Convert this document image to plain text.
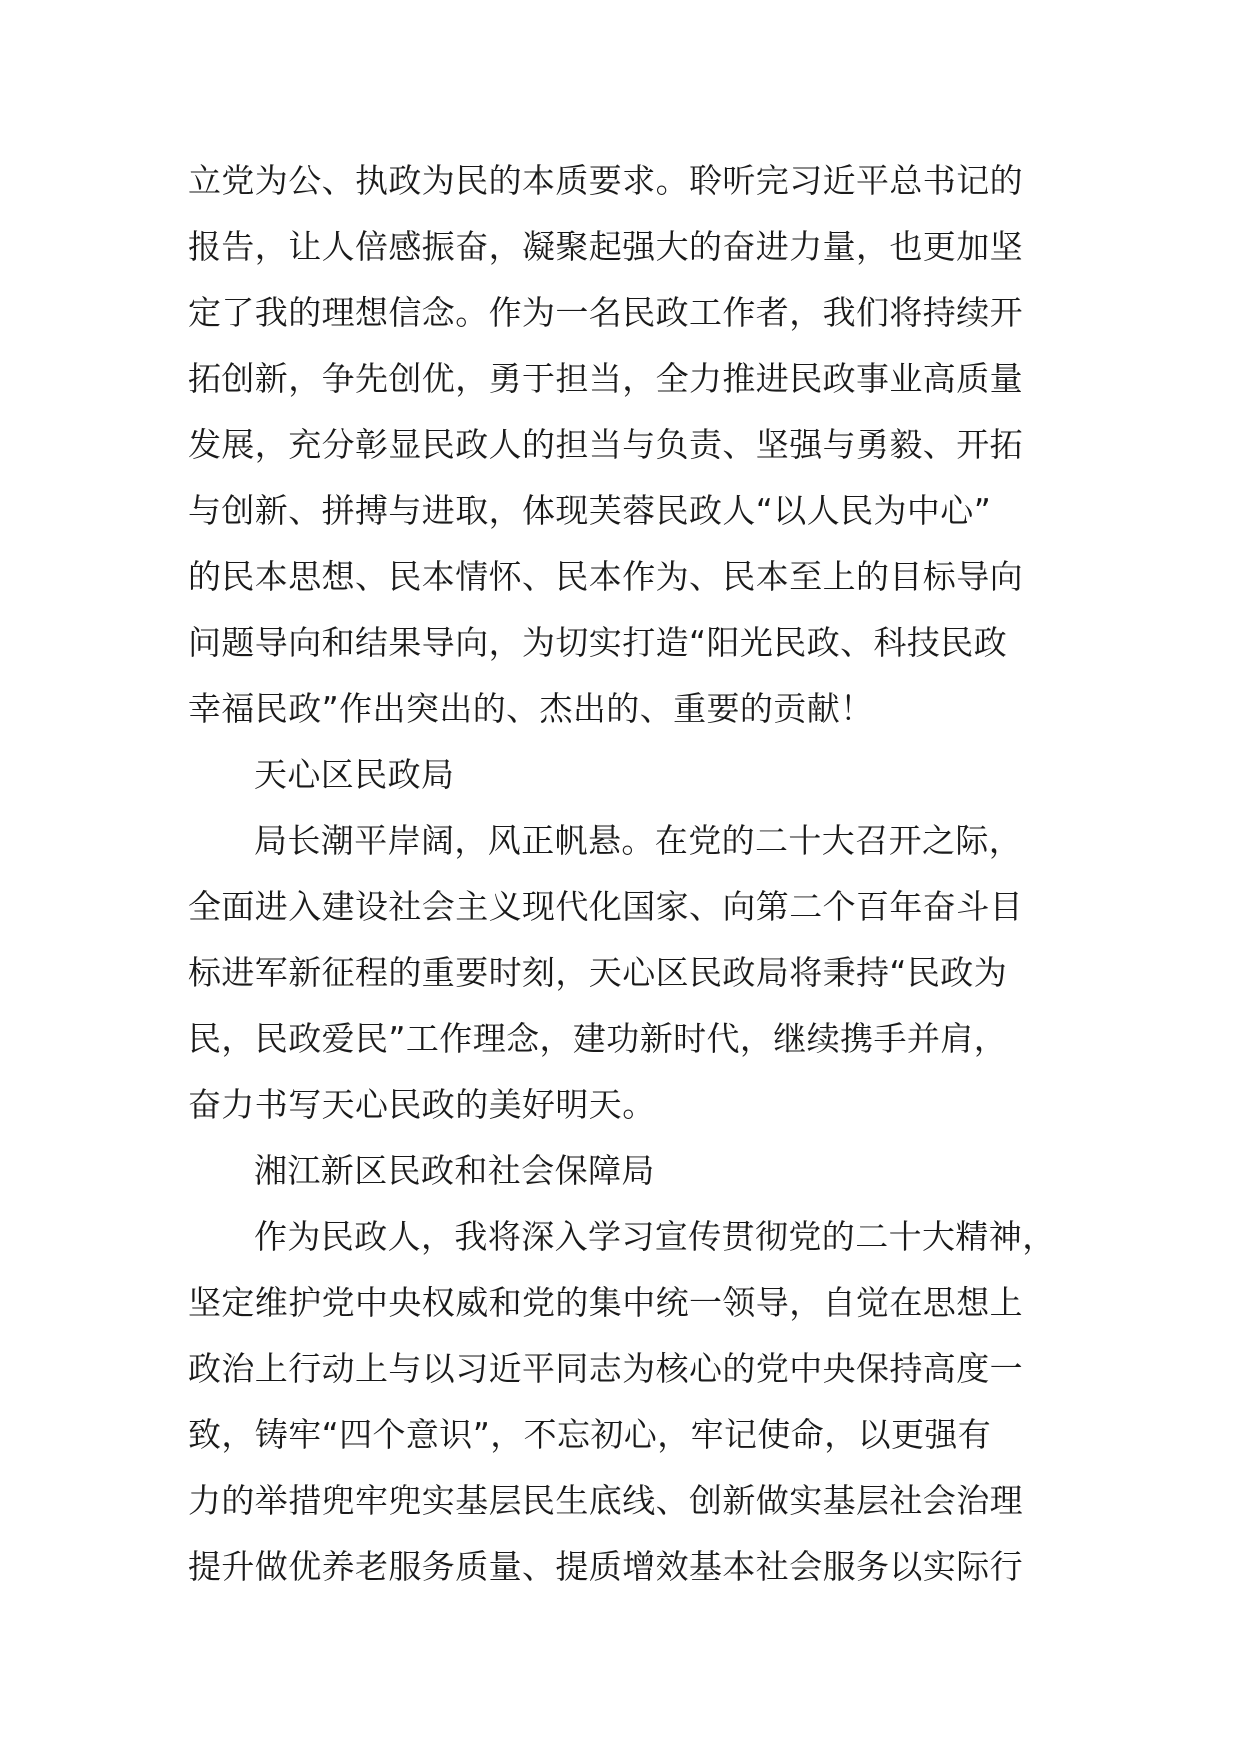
立党为公、执政为民的本质要求。聆听完习近平总书记的
报告，让人倍感振奋，凝聚起强大的奋进力量，也更加坚
定了我的理想信念。作为一名民政工作者，我们将持续开
拓创新，争先创优，勇于担当，全力推进民政事业高质量
发展，充分彰显民政人的担当与负责、坚强与勇毅、开拓
与创新、拼搏与进取，体现芙蓉民政人“以人民为中心”
的民本思想、民本情怀、民本作为、民本至上的目标导向
问题导向和结果导向，为切实打造“阳光民政、科技民政
幸福民政”作出突出的、杰出的、重要的贡献！
天心区民政局
局长潮平岸阔，风正帆悬。在党的二十大召开之际，
全面进入建设社会主义现代化国家、向第二个百年奋斗目
标进军新征程的重要时刻，天心区民政局将秉持“民政为
民，民政爱民”工作理念，建功新时代，继续携手并肩，
奋力书写天心民政的美好明天。
湘江新区民政和社会保障局
作为民政人，我将深入学习宣传贯彻党的二十大精神，
坚定维护党中央权威和党的集中统一领导，自觉在思想上
政治上行动上与以习近平同志为核心的党中央保持高度一
致，铸牢“四个意识”，不忘初心，牢记使命，以更强有
力的举措兜牢兜实基层民生底线、创新做实基层社会治理
提升做优养老服务质量、提质增效基本社会服务以实际行
